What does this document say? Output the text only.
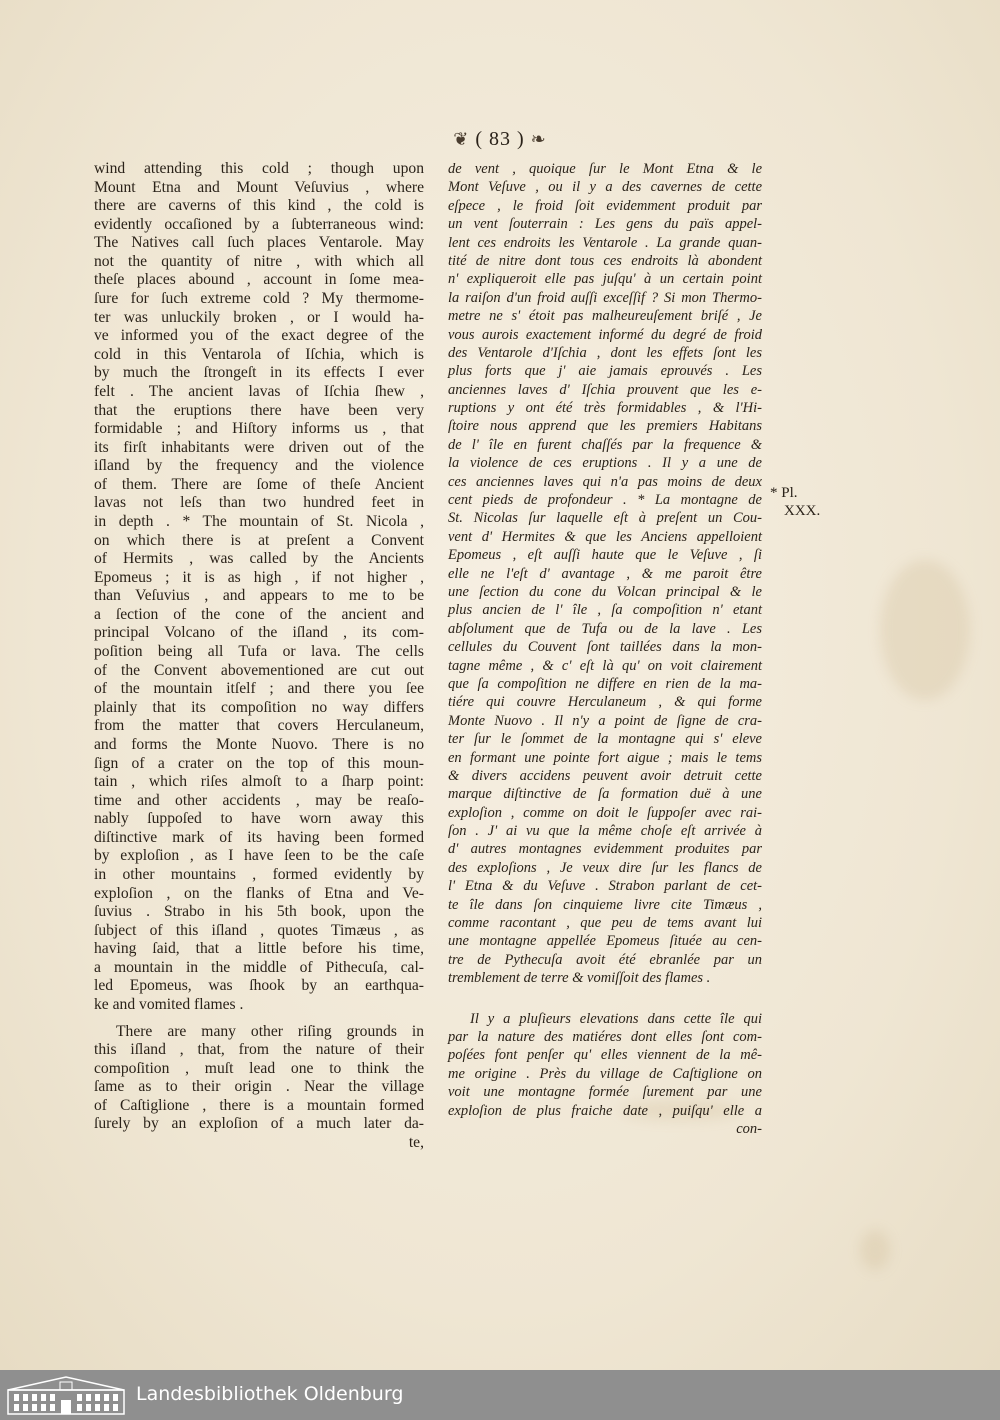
❦ ( 83 ) ❧
wind attending this cold ; though upon
Mount Etna and Mount Veſuvius , where
there are caverns of this kind , the cold is
evidently occaſioned by a ſubterraneous wind:
The Natives call ſuch places Ventarole. May
not the quantity of nitre , with which all
theſe places abound , account in ſome mea-
ſure for ſuch extreme cold ? My thermome-
ter was unluckily broken , or I would ha-
ve informed you of the exact degree of the
cold in this Ventarola of Iſchia, which is
by much the ſtrongeſt in its effects I ever
felt . The ancient lavas of Iſchia ſhew ,
that the eruptions there have been very
formidable ; and Hiſtory informs us , that
its firſt inhabitants were driven out of the
iſland by the frequency and the violence
of them. There are ſome of theſe Ancient
lavas not leſs than two hundred feet in
in depth . * The mountain of St. Nicola ,
on which there is at preſent a Convent
of Hermits , was called by the Ancients
Epomeus ; it is as high , if not higher ,
than Veſuvius , and appears to me to be
a ſection of the cone of the ancient and
principal Volcano of the iſland , its com-
poſition being all Tufa or lava. The cells
of the Convent abovementioned are cut out
of the mountain itſelf ; and there you ſee
plainly that its compoſition no way differs
from the matter that covers Herculaneum,
and forms the Monte Nuovo. There is no
ſign of a crater on the top of this moun-
tain , which riſes almoſt to a ſharp point:
time and other accidents , may be reaſo-
nably ſuppoſed to have worn away this
diſtinctive mark of its having been formed
by exploſion , as I have ſeen to be the caſe
in other mountains , formed evidently by
exploſion , on the flanks of Etna and Ve-
ſuvius . Strabo in his 5th book, upon the
ſubject of this iſland , quotes Timæus , as
having ſaid, that a little before his time,
a mountain in the middle of Pithecuſa, cal-
led Epomeus, was ſhook by an earthqua-
ke and vomited flames .
There are many other riſing grounds in
this iſland , that, from the nature of their
compoſition , muſt lead one to think the
ſame as to their origin . Near the village
of Caſtiglione , there is a mountain formed
ſurely by an exploſion of a much later da-
te,
de vent , quoique ſur le Mont Etna & le
Mont Veſuve , ou il y a des cavernes de cette
eſpece , le froid ſoit evidemment produit par
un vent ſouterrain : Les gens du païs appel-
lent ces endroits les Ventarole . La grande quan-
tité de nitre dont tous ces endroits là abondent
n' expliqueroit elle pas juſqu' à un certain point
la raiſon d'un froid auſſi exceſſif ? Si mon Thermo-
metre ne s' étoit pas malheureuſement briſé , Je
vous aurois exactement informé du degré de froid
des Ventarole d'Iſchia , dont les effets ſont les
plus forts que j' aie jamais eprouvés . Les
anciennes laves d' Iſchia prouvent que les e-
ruptions y ont été très formidables , & l'Hi-
ſtoire nous apprend que les premiers Habitans
de l' île en furent chaſſés par la frequence &
la violence de ces eruptions . Il y a une de
ces anciennes laves qui n'a pas moins de deux
cent pieds de profondeur . * La montagne de
St. Nicolas ſur laquelle eſt à preſent un Cou-
vent d' Hermites & que les Anciens appelloient
Epomeus , eſt auſſi haute que le Veſuve , ſi
elle ne l'eſt d' avantage , & me paroit être
une ſection du cone du Volcan principal & le
plus ancien de l' île , ſa compoſition n' etant
abſolument que de Tufa ou de la lave . Les
cellules du Couvent ſont taillées dans la mon-
tagne même , & c' eſt là qu' on voit clairement
que ſa compoſition ne differe en rien de la ma-
tiére qui couvre Herculaneum , & qui forme
Monte Nuovo . Il n'y a point de ſigne de cra-
ter ſur le ſommet de la montagne qui s' eleve
en formant une pointe fort aigue ; mais le tems
& divers accidens peuvent avoir detruit cette
marque diſtinctive de ſa formation duë à une
exploſion , comme on doit le ſuppoſer avec rai-
ſon . J' ai vu que la même choſe eſt arrivée à
d' autres montagnes evidemment produites par
des exploſions , Je veux dire ſur les flancs de
l' Etna & du Veſuve . Strabon parlant de cet-
te île dans ſon cinquieme livre cite Timæus ,
comme racontant , que peu de tems avant lui
une montagne appellée Epomeus ſituée au cen-
tre de Pythecuſa avoit été ebranlée par un
tremblement de terre & vomiſſoit des flames .
Il y a pluſieurs elevations dans cette île qui
par la nature des matiéres dont elles ſont com-
poſées font penſer qu' elles viennent de la mê-
me origine . Près du village de Caſtiglione on
voit une montagne formée ſurement par une
exploſion de plus fraiche date , puiſqu' elle a
con-
* Pl.
XXX.
Landesbibliothek Oldenburg
